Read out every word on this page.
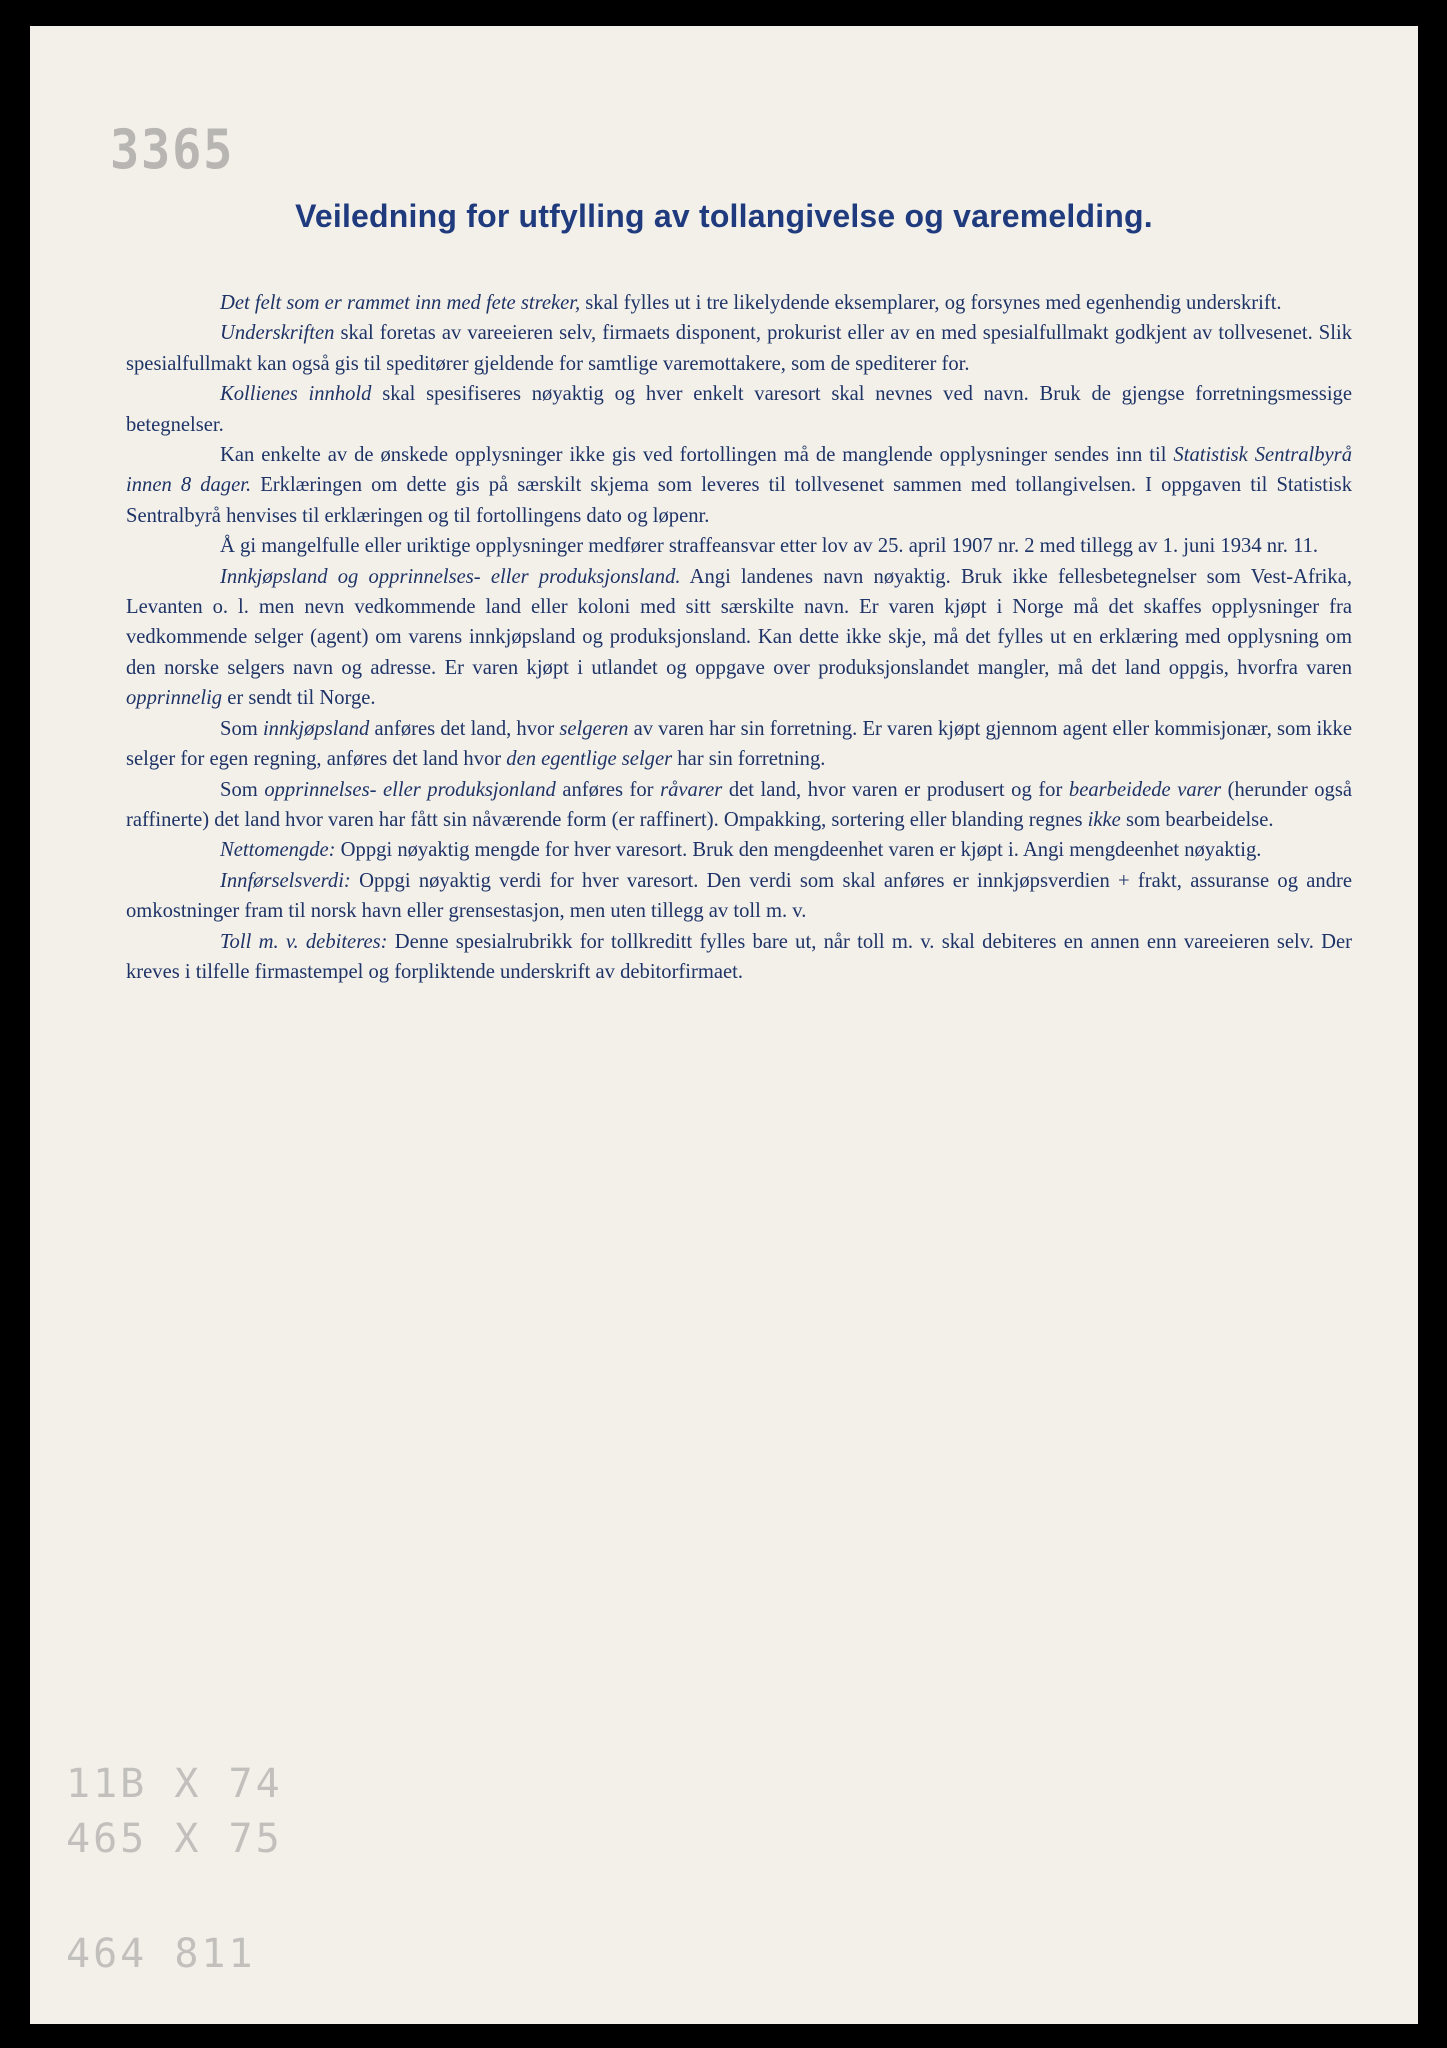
3365
Veiledning for utfylling av tollangivelse og varemelding.

Det felt som er rammet inn med fete streker, skal fylles ut i tre likelydende eksemplarer, og forsynes med egenhendig underskrift.

Underskriften skal foretas av vareeieren selv, firmaets disponent, prokurist eller av en med spesialfullmakt godkjent av tollvesenet. Slik spesialfullmakt kan også gis til speditører gjeldende for samtlige varemottakere, som de spediterer for.

Kollienes innhold skal spesifiseres nøyaktig og hver enkelt varesort skal nevnes ved navn. Bruk de gjengse forretningsmessige betegnelser.

Kan enkelte av de ønskede opplysninger ikke gis ved fortollingen må de manglende opplysninger sendes inn til Statistisk Sentralbyrå innen 8 dager. Erklæringen om dette gis på særskilt skjema som leveres til tollvesenet sammen med tollangivelsen. I oppgaven til Statistisk Sentralbyrå henvises til erklæringen og til fortollingens dato og løpenr.

Å gi mangelfulle eller uriktige opplysninger medfører straffeansvar etter lov av 25. april 1907 nr. 2 med tillegg av 1. juni 1934 nr. 11.

Innkjøpsland og opprinnelses- eller produksjonsland. Angi landenes navn nøyaktig. Bruk ikke fellesbetegnelser som Vest-Afrika, Levanten o. l. men nevn vedkommende land eller koloni med sitt særskilte navn. Er varen kjøpt i Norge må det skaffes opplysninger fra vedkommende selger (agent) om varens innkjøpsland og produksjonsland. Kan dette ikke skje, må det fylles ut en erklæring med opplysning om den norske selgers navn og adresse. Er varen kjøpt i utlandet og oppgave over produksjonslandet mangler, må det land oppgis, hvorfra varen opprinnelig er sendt til Norge.

Som innkjøpsland anføres det land, hvor selgeren av varen har sin forretning. Er varen kjøpt gjennom agent eller kommisjonær, som ikke selger for egen regning, anføres det land hvor den egentlige selger har sin forretning.

Som opprinnelses- eller produksjonland anføres for råvarer det land, hvor varen er produsert og for bearbeidede varer (herunder også raffinerte) det land hvor varen har fått sin nåværende form (er raffinert). Ompakking, sortering eller blanding regnes ikke som bearbeidelse.

Nettomengde: Oppgi nøyaktig mengde for hver varesort. Bruk den mengdeenhet varen er kjøpt i. Angi mengdeenhet nøyaktig.

Innførselsverdi: Oppgi nøyaktig verdi for hver varesort. Den verdi som skal anføres er innkjøpsverdien + frakt, assuranse og andre omkostninger fram til norsk havn eller grensestasjon, men uten tillegg av toll m. v.

Toll m. v. debiteres: Denne spesialrubrikk for tollkreditt fylles bare ut, når toll m. v. skal debiteres en annen enn vareeieren selv. Der kreves i tilfelle firmastempel og forpliktende underskrift av debitorfirmaet.

11B X 74
465 X 75
464 811
